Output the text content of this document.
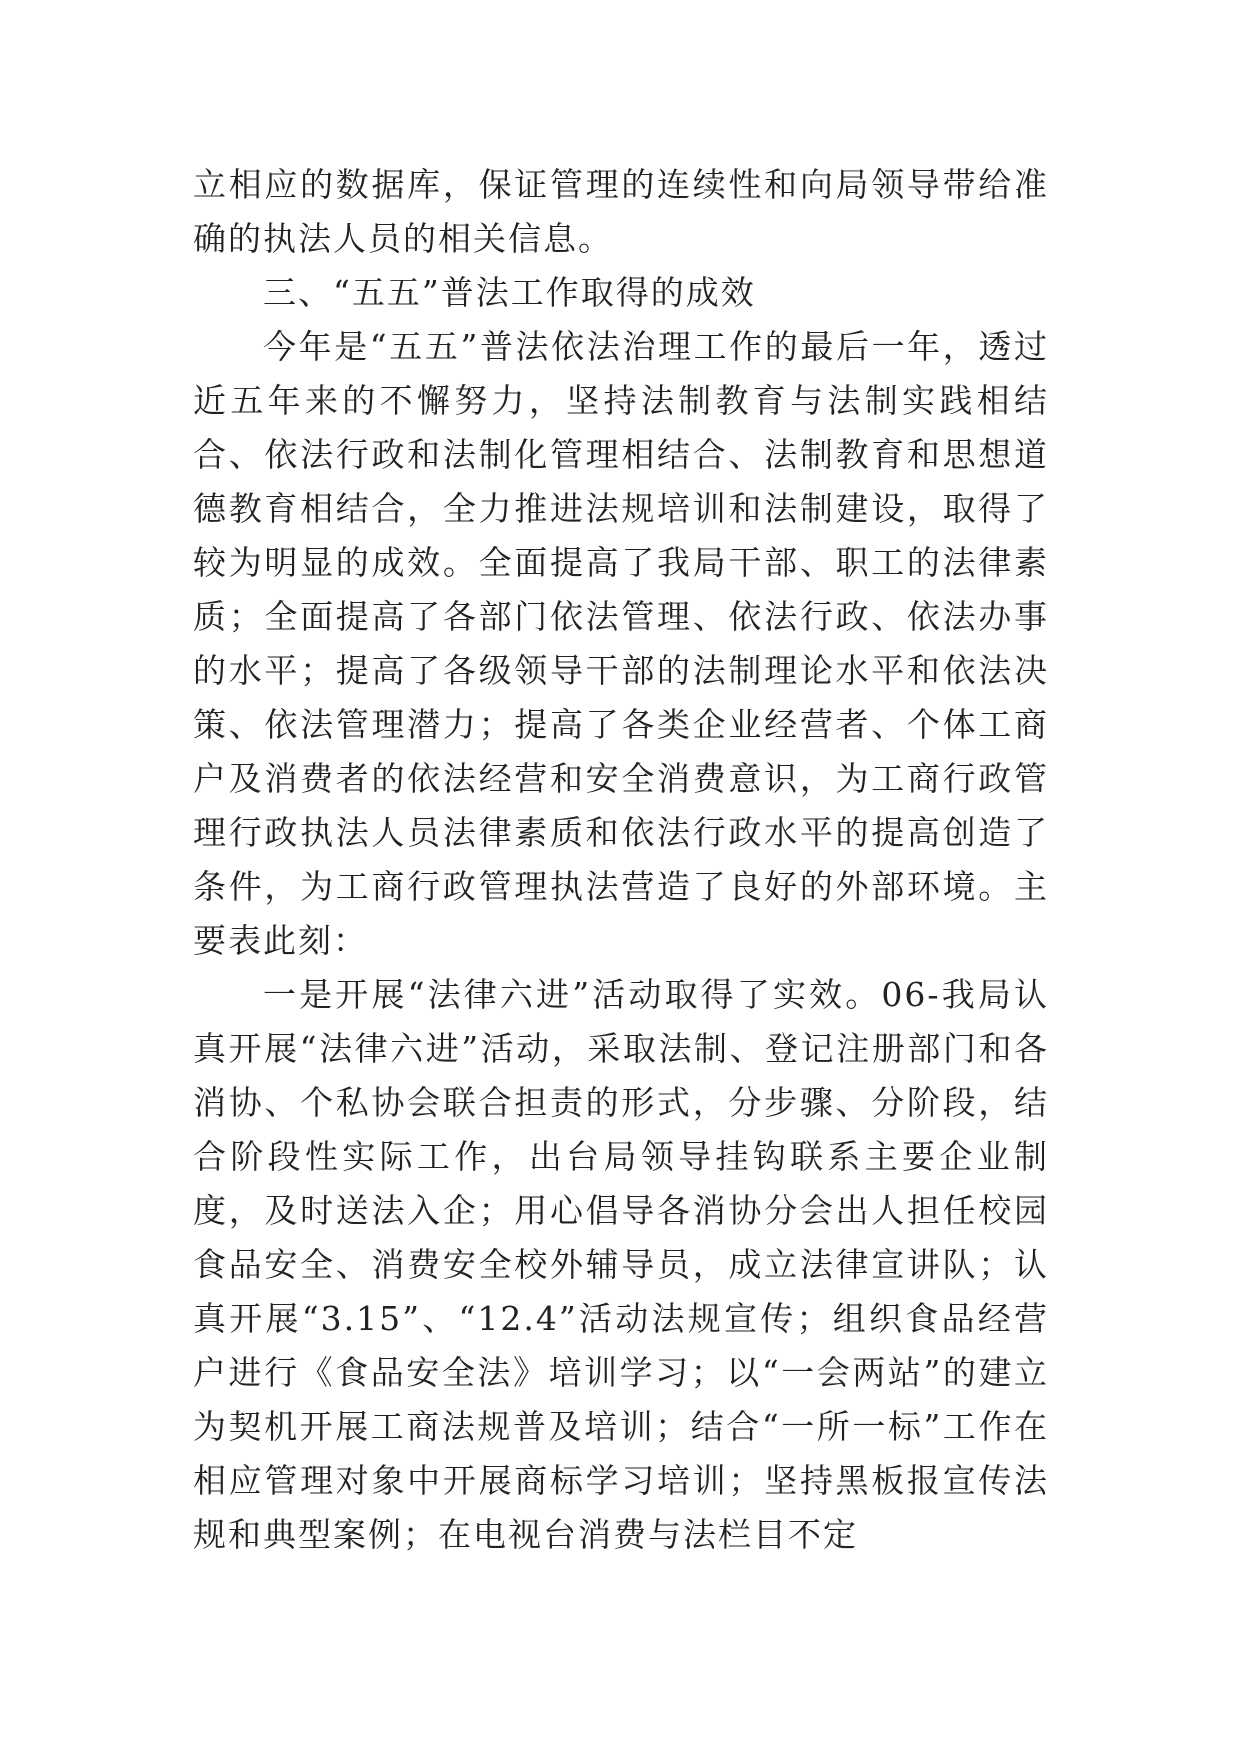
立相应的数据库，保证管理的连续性和向局领导带给准确的执法人员的相关信息。

三、“五五”普法工作取得的成效

今年是“五五”普法依法治理工作的最后一年，透过近五年来的不懈努力，坚持法制教育与法制实践相结合、依法行政和法制化管理相结合、法制教育和思想道德教育相结合，全力推进法规培训和法制建设，取得了较为明显的成效。全面提高了我局干部、职工的法律素质；全面提高了各部门依法管理、依法行政、依法办事的水平；提高了各级领导干部的法制理论水平和依法决策、依法管理潜力；提高了各类企业经营者、个体工商户及消费者的依法经营和安全消费意识，为工商行政管理行政执法人员法律素质和依法行政水平的提高创造了条件，为工商行政管理执法营造了良好的外部环境。主要表此刻：

一是开展“法律六进”活动取得了实效。06-我局认真开展“法律六进”活动，采取法制、登记注册部门和各消协、个私协会联合担责的形式，分步骤、分阶段，结合阶段性实际工作，出台局领导挂钩联系主要企业制度，及时送法入企；用心倡导各消协分会出人担任校园食品安全、消费安全校外辅导员，成立法律宣讲队；认真开展“3.15”、“12.4”活动法规宣传；组织食品经营户进行《食品安全法》培训学习；以“一会两站”的建立为契机开展工商法规普及培训；结合“一所一标”工作在相应管理对象中开展商标学习培训；坚持黑板报宣传法规和典型案例；在电视台消费与法栏目不定
